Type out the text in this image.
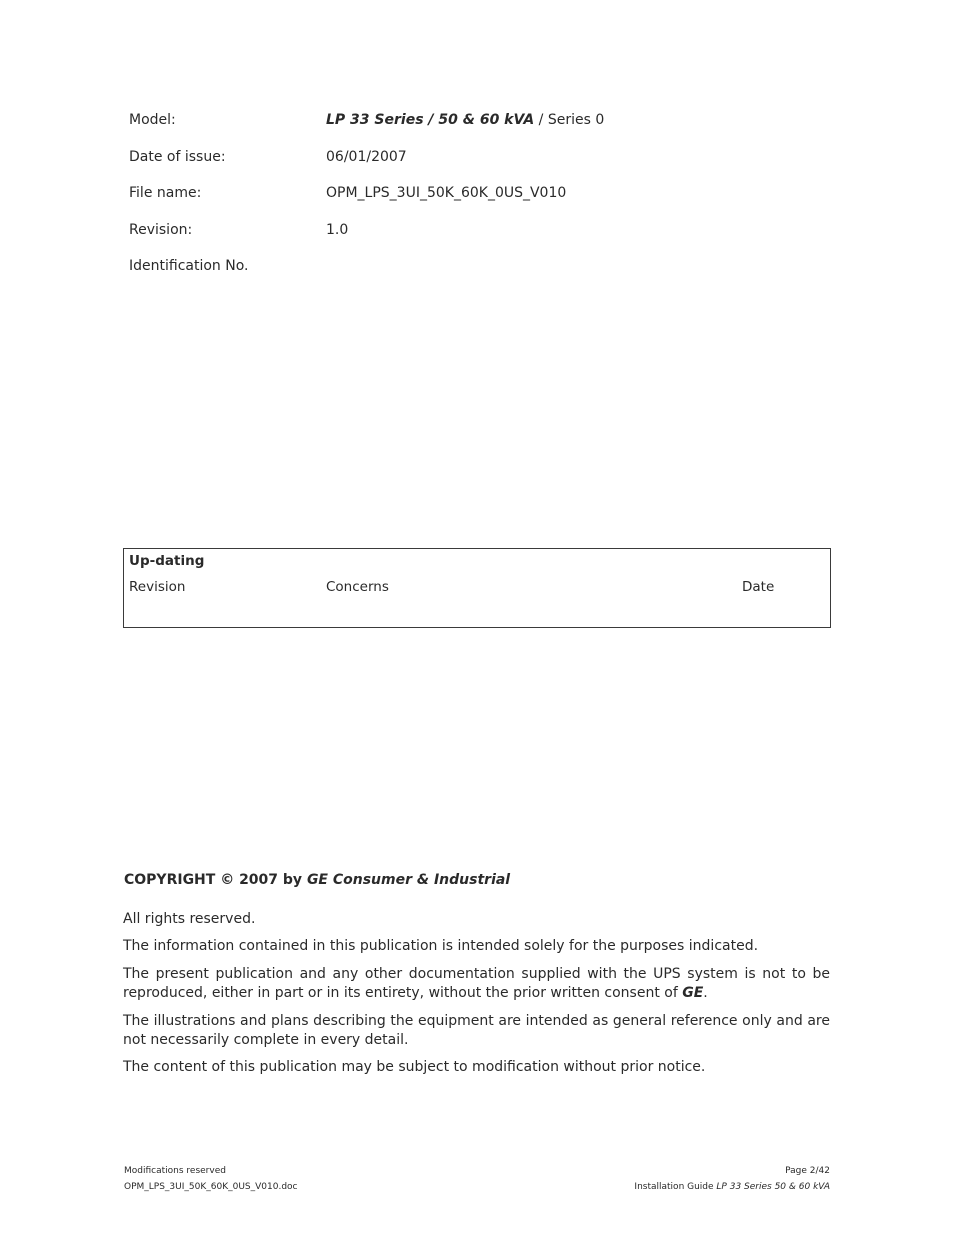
Model:	LP 33 Series / 50 & 60 kVA / Series 0
Date of issue:	06/01/2007
File name:	OPM_LPS_3UI_50K_60K_0US_V010
Revision:	1.0
Identification No.
Up-dating
Revision	Concerns	Date
COPYRIGHT © 2007 by GE Consumer & Industrial
All rights reserved.
The information contained in this publication is intended solely for the purposes indicated.
The present publication and any other documentation supplied with the UPS system is not to be reproduced, either in part or in its entirety, without the prior written consent of GE.
The illustrations and plans describing the equipment are intended as general reference only and are not necessarily complete in every detail.
The content of this publication may be subject to modification without prior notice.
Modifications reserved
OPM_LPS_3UI_50K_60K_0US_V010.doc
Page 2/42
Installation Guide LP 33 Series 50 & 60 kVA
